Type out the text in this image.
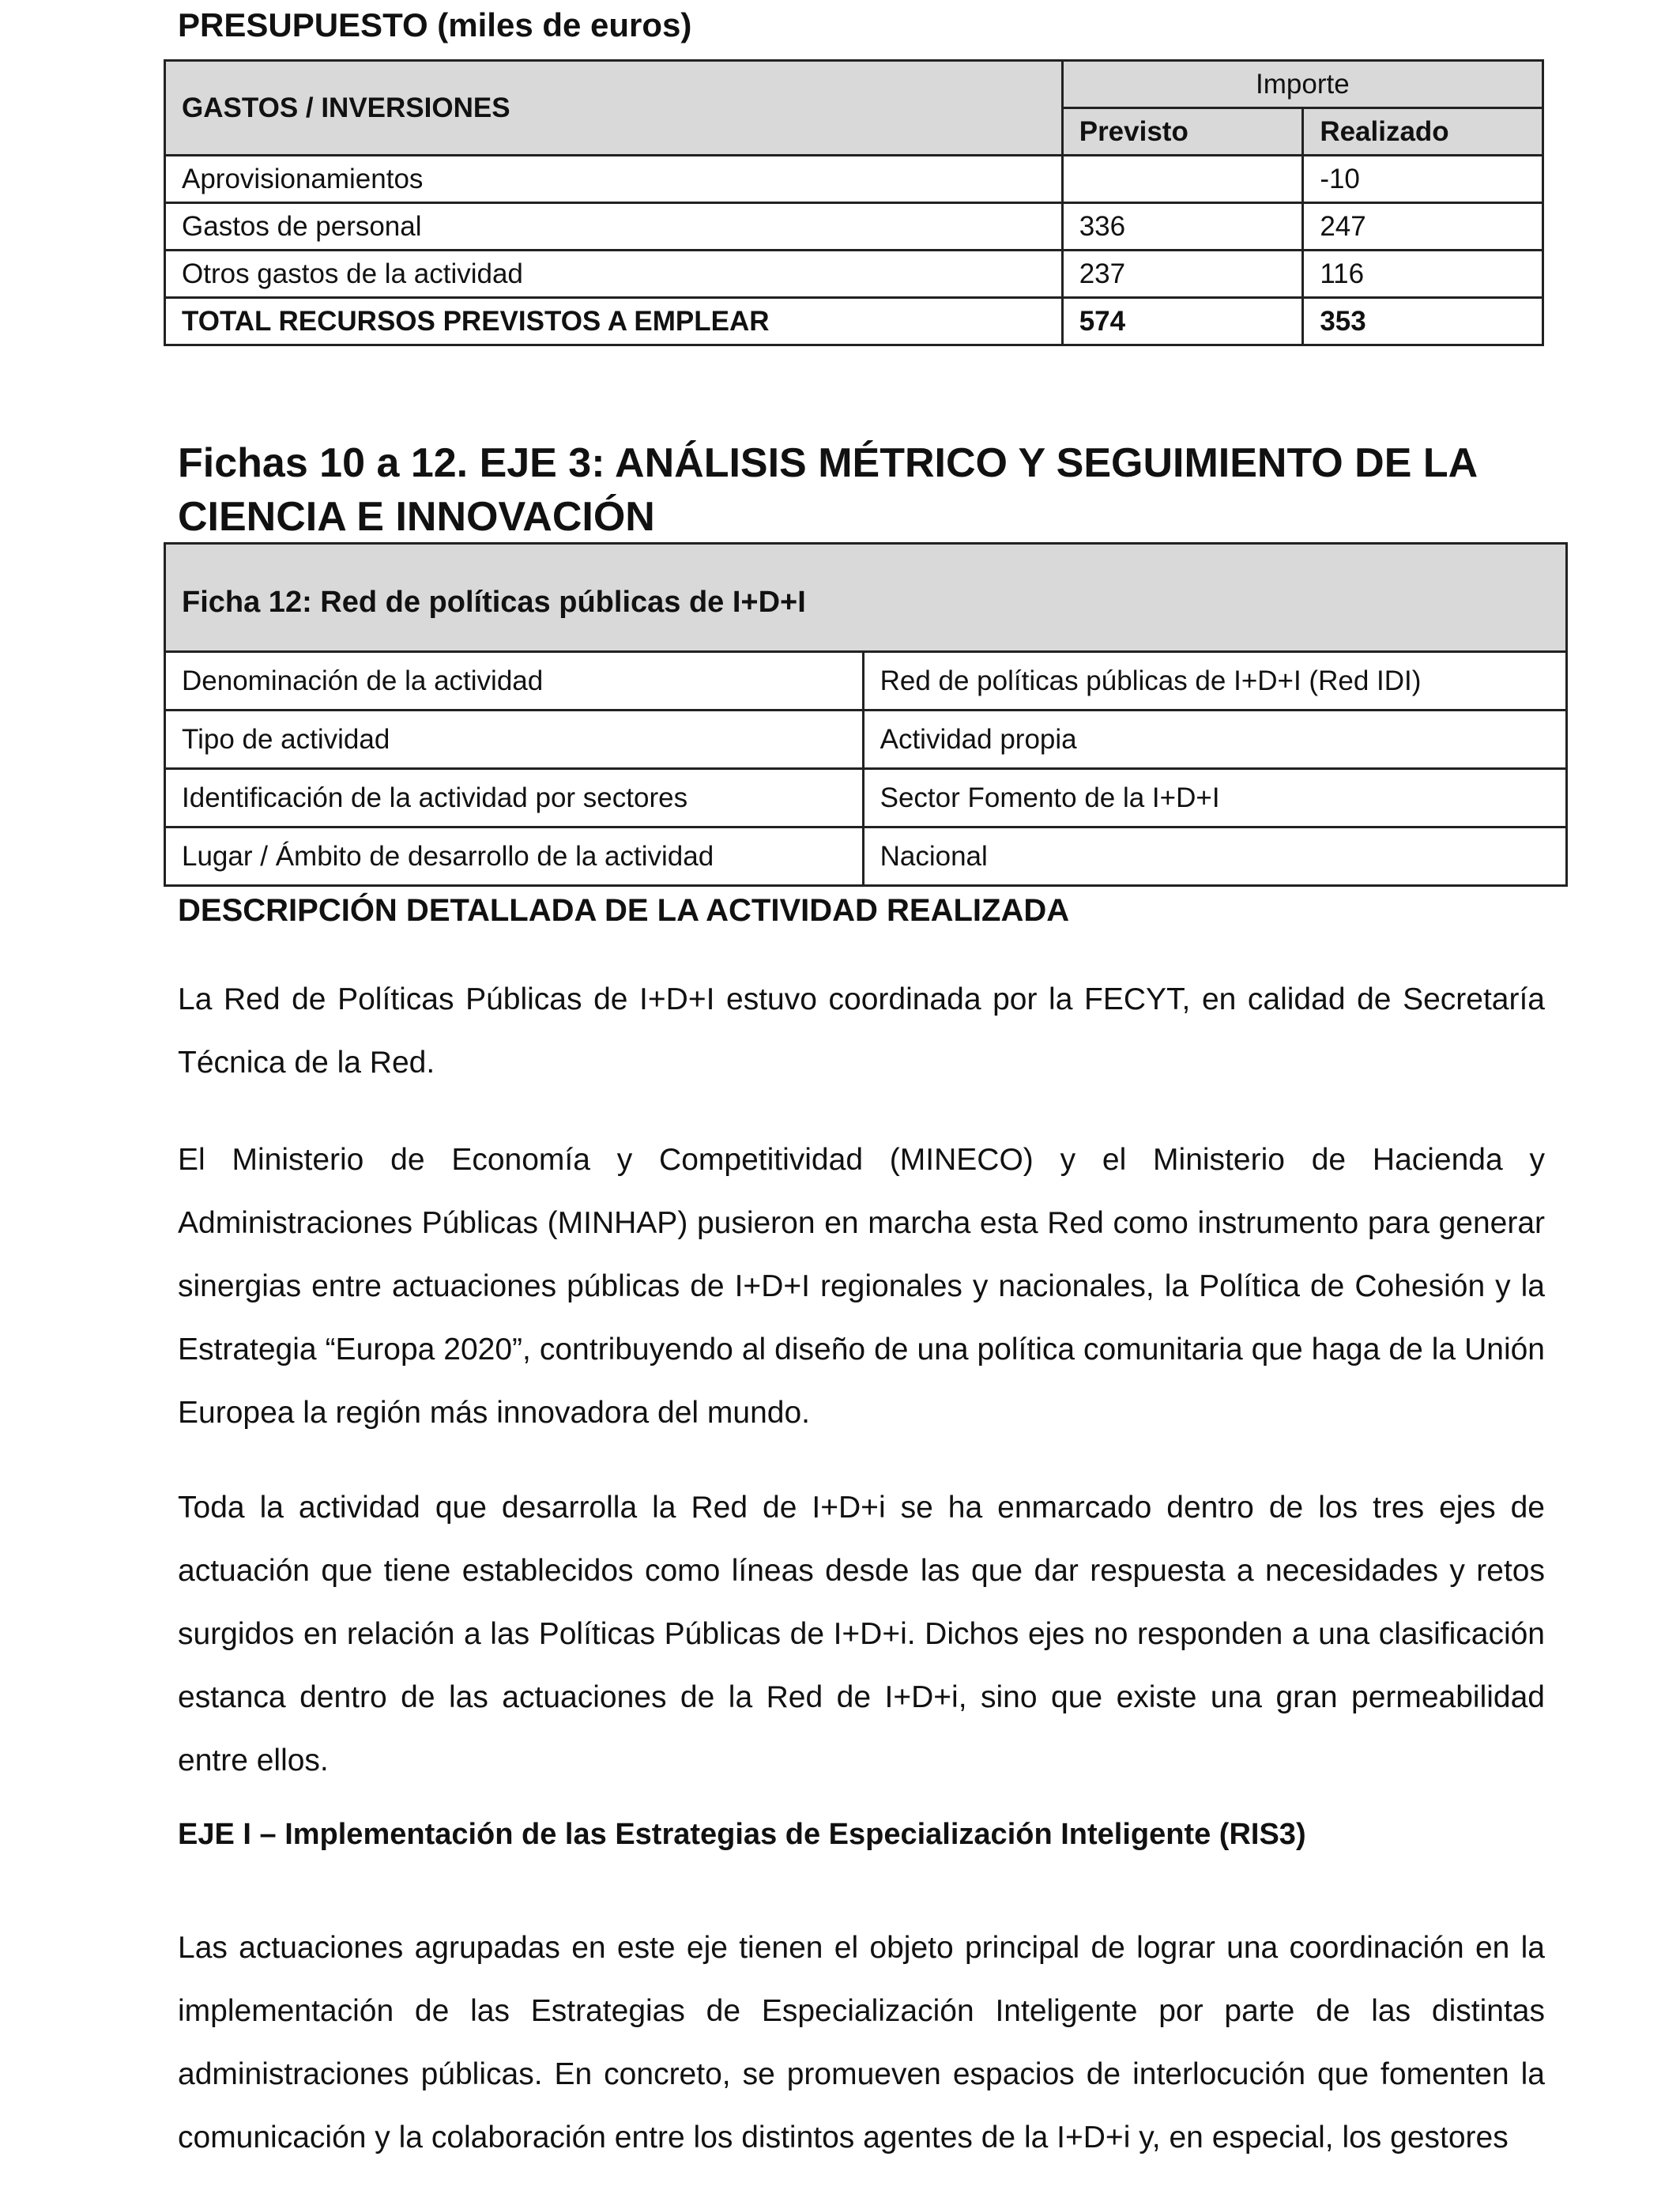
PRESUPUESTO (miles de euros)
GASTOS / INVERSIONES	Importe	
	Previsto	Realizado
Aprovisionamientos		-10
Gastos de personal	336	247
Otros gastos de la actividad	237	116
TOTAL RECURSOS PREVISTOS A EMPLEAR	574	353
Fichas 10 a 12. EJE 3: ANÁLISIS MÉTRICO Y SEGUIMIENTO DE LA CIENCIA E INNOVACIÓN
Ficha 12: Red de políticas públicas de I+D+I	
Denominación de la actividad	Red de políticas públicas de I+D+I (Red IDI)
Tipo de actividad	Actividad propia
Identificación de la actividad por sectores	Sector Fomento de la I+D+I
Lugar / Ámbito de desarrollo de la actividad	Nacional
DESCRIPCIÓN DETALLADA DE LA ACTIVIDAD REALIZADA

La Red de Políticas Públicas de I+D+I estuvo coordinada por la FECYT, en calidad de Secretaría Técnica de la Red.

El Ministerio de Economía y Competitividad (MINECO) y el Ministerio de Hacienda y Administraciones Públicas (MINHAP) pusieron en marcha esta Red como instrumento para generar sinergias entre actuaciones públicas de I+D+I regionales y nacionales, la Política de Cohesión y la Estrategia “Europa 2020”, contribuyendo al diseño de una política comunitaria que haga de la Unión Europea la región más innovadora del mundo.

Toda la actividad que desarrolla la Red de I+D+i se ha enmarcado dentro de los tres ejes de actuación que tiene establecidos como líneas desde las que dar respuesta a necesidades y retos surgidos en relación a las Políticas Públicas de I+D+i. Dichos ejes no responden a una clasificación estanca dentro de las actuaciones de la Red de I+D+i, sino que existe una gran permeabilidad entre ellos.

EJE I – Implementación de las Estrategias de Especialización Inteligente (RIS3)

Las actuaciones agrupadas en este eje tienen el objeto principal de lograr una coordinación en la implementación de las Estrategias de Especialización Inteligente por parte de las distintas administraciones públicas. En concreto, se promueven espacios de interlocución que fomenten la comunicación y la colaboración entre los distintos agentes de la I+D+i y, en especial, los gestores
